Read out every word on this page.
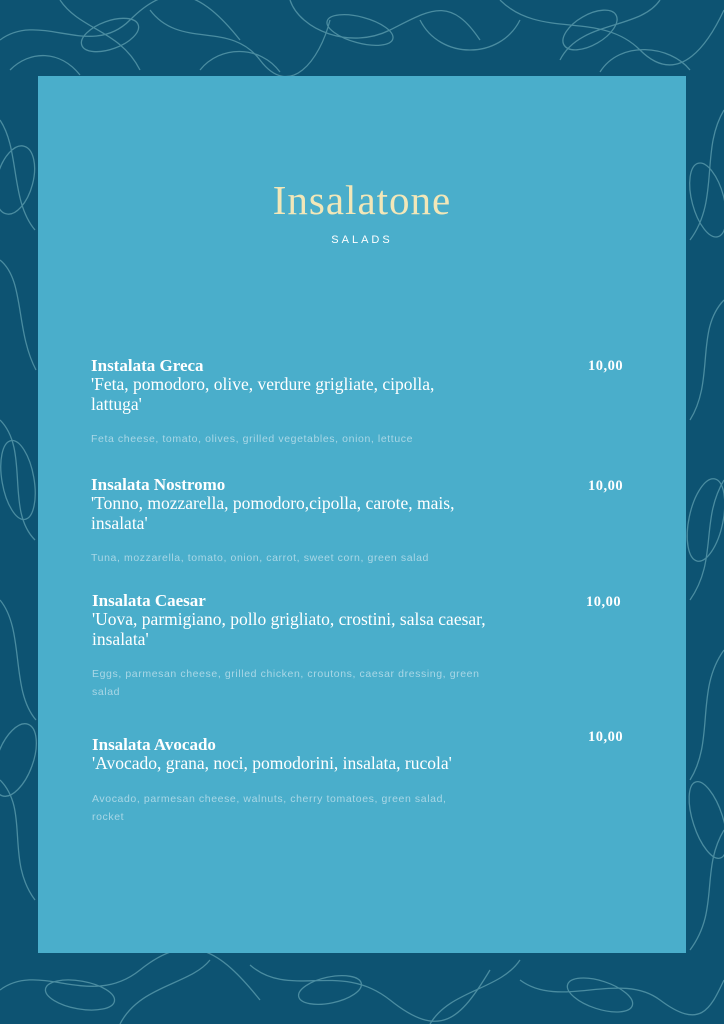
Insalatone
SALADS
Instalata Greca
'Feta, pomodoro, olive, verdure grigliate, cipolla, lattuga'
Feta cheese, tomato, olives, grilled vegetables, onion, lettuce
10,00
Insalata Nostromo
'Tonno, mozzarella, pomodoro,cipolla, carote, mais, insalata'
Tuna, mozzarella, tomato, onion, carrot, sweet corn, green salad
10,00
Insalata Caesar
'Uova, parmigiano, pollo grigliato, crostini, salsa caesar, insalata'
Eggs, parmesan cheese, grilled chicken, croutons, caesar dressing, green salad
10,00
Insalata Avocado
'Avocado, grana, noci, pomodorini, insalata, rucola'
Avocado, parmesan cheese, walnuts, cherry tomatoes, green salad, rocket
10,00
